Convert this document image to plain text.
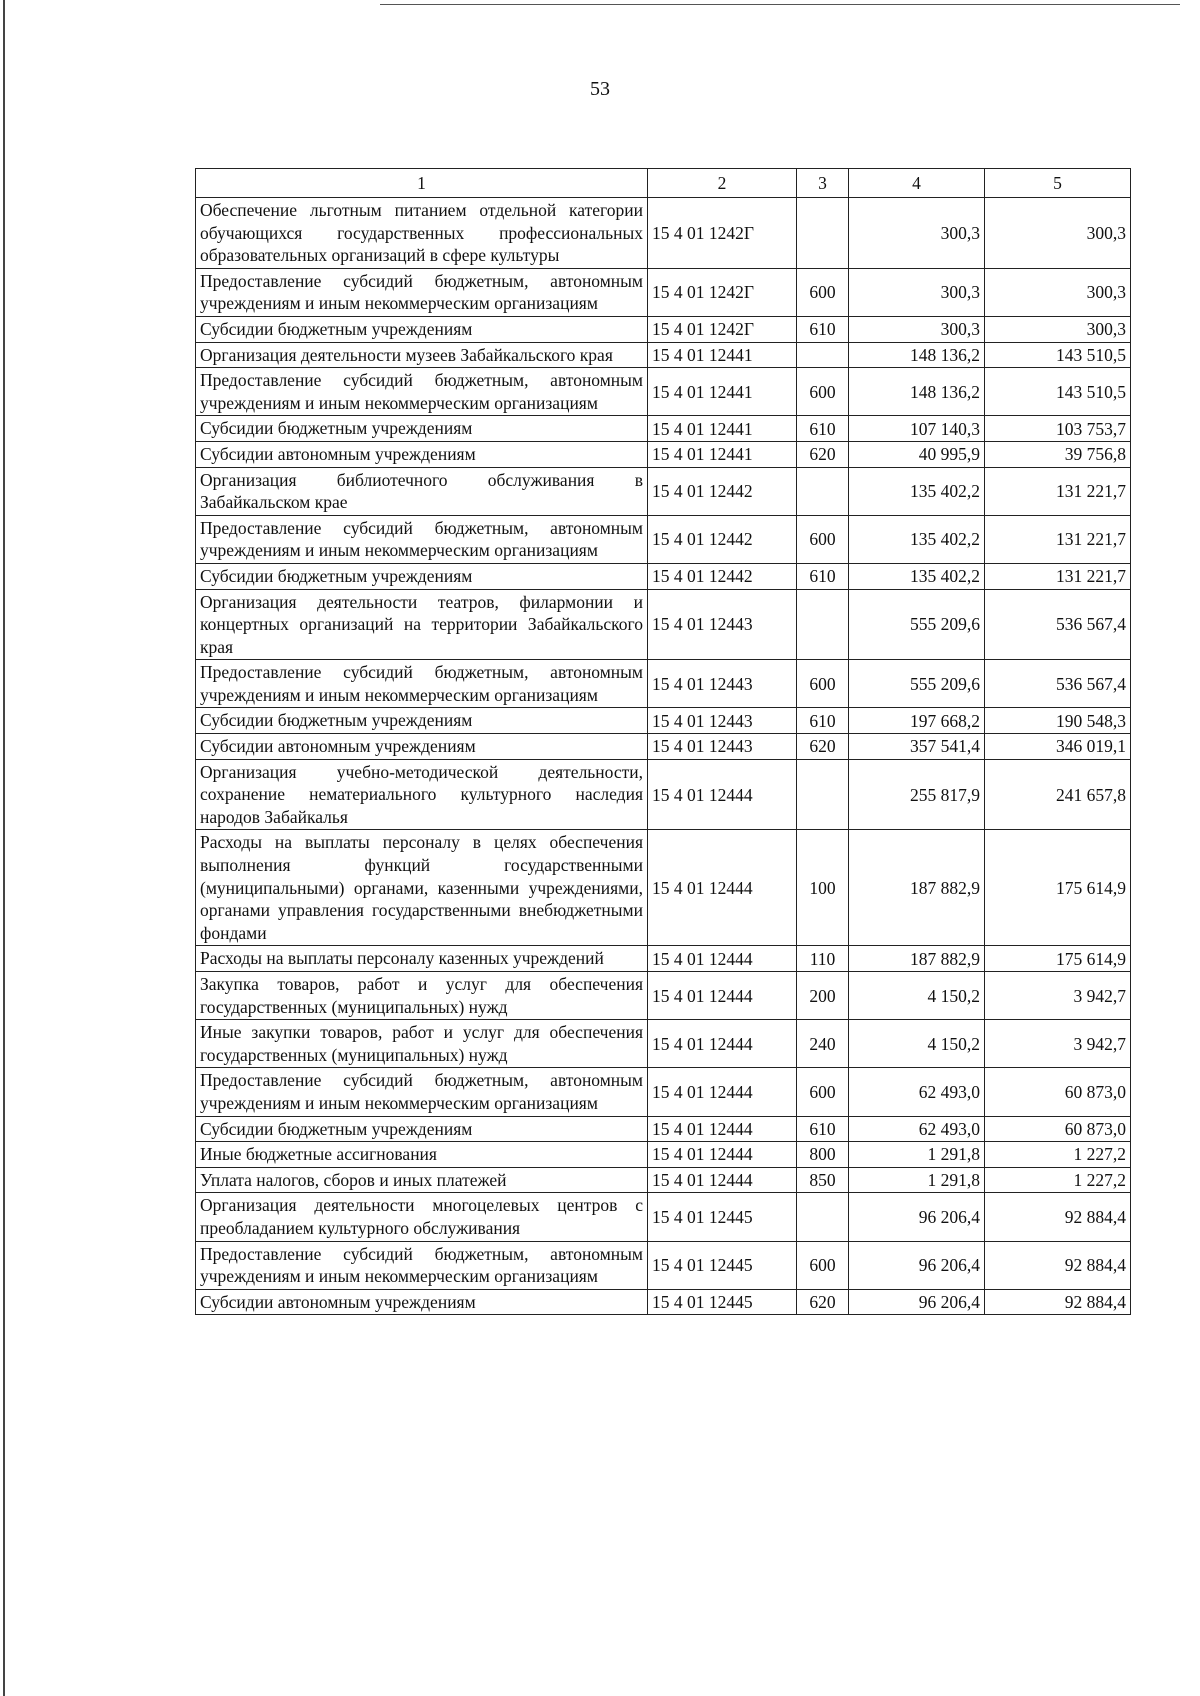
53
1	2	3	4	5
Обеспечение льготным питанием отдельной категории обучающихся государственных профессиональных образовательных организаций в сфере культуры	15 4 01 1242Г		300,3	300,3
Предоставление субсидий бюджетным, автономным учреждениям и иным некоммерческим организациям	15 4 01 1242Г	600	300,3	300,3
Субсидии бюджетным учреждениям	15 4 01 1242Г	610	300,3	300,3
Организация деятельности музеев Забайкальского края	15 4 01 12441		148 136,2	143 510,5
Предоставление субсидий бюджетным, автономным учреждениям и иным некоммерческим организациям	15 4 01 12441	600	148 136,2	143 510,5
Субсидии бюджетным учреждениям	15 4 01 12441	610	107 140,3	103 753,7
Субсидии автономным учреждениям	15 4 01 12441	620	40 995,9	39 756,8
Организация библиотечного обслуживания в Забайкальском крае	15 4 01 12442		135 402,2	131 221,7
Предоставление субсидий бюджетным, автономным учреждениям и иным некоммерческим организациям	15 4 01 12442	600	135 402,2	131 221,7
Субсидии бюджетным учреждениям	15 4 01 12442	610	135 402,2	131 221,7
Организация деятельности театров, филармонии и концертных организаций на территории Забайкальского края	15 4 01 12443		555 209,6	536 567,4
Предоставление субсидий бюджетным, автономным учреждениям и иным некоммерческим организациям	15 4 01 12443	600	555 209,6	536 567,4
Субсидии бюджетным учреждениям	15 4 01 12443	610	197 668,2	190 548,3
Субсидии автономным учреждениям	15 4 01 12443	620	357 541,4	346 019,1
Организация учебно-методической деятельности, сохранение нематериального культурного наследия народов Забайкалья	15 4 01 12444		255 817,9	241 657,8
Расходы на выплаты персоналу в целях обеспечения выполнения функций государственными (муниципальными) органами, казенными учреждениями, органами управления государственными внебюджетными фондами	15 4 01 12444	100	187 882,9	175 614,9
Расходы на выплаты персоналу казенных учреждений	15 4 01 12444	110	187 882,9	175 614,9
Закупка товаров, работ и услуг для обеспечения государственных (муниципальных) нужд	15 4 01 12444	200	4 150,2	3 942,7
Иные закупки товаров, работ и услуг для обеспечения государственных (муниципальных) нужд	15 4 01 12444	240	4 150,2	3 942,7
Предоставление субсидий бюджетным, автономным учреждениям и иным некоммерческим организациям	15 4 01 12444	600	62 493,0	60 873,0
Субсидии бюджетным учреждениям	15 4 01 12444	610	62 493,0	60 873,0
Иные бюджетные ассигнования	15 4 01 12444	800	1 291,8	1 227,2
Уплата налогов, сборов и иных платежей	15 4 01 12444	850	1 291,8	1 227,2
Организация деятельности многоцелевых центров с преобладанием культурного обслуживания	15 4 01 12445		96 206,4	92 884,4
Предоставление субсидий бюджетным, автономным учреждениям и иным некоммерческим организациям	15 4 01 12445	600	96 206,4	92 884,4
Субсидии автономным учреждениям	15 4 01 12445	620	96 206,4	92 884,4
